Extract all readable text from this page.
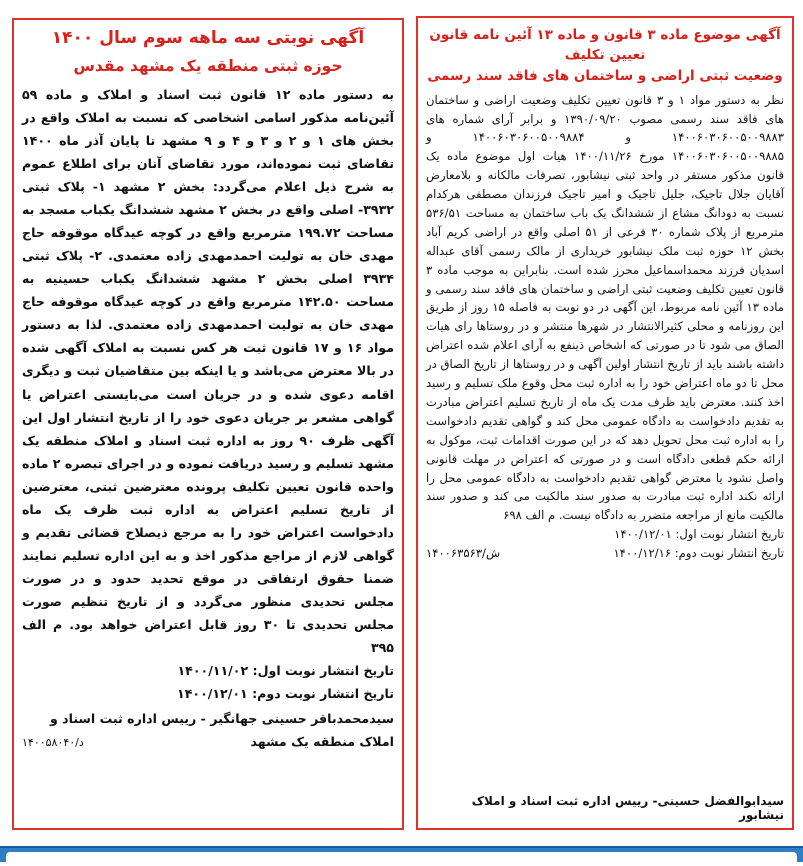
آگهی موضوع ماده ۳ قانون و ماده ۱۳ آئین نامه قانون تعیین تکلیف

وضعیت ثبتی اراضی و ساختمان های فاقد سند رسمی

نظر به دستور مواد ۱ و ۳ قانون تعیین تکلیف وضعیت اراضی و ساختمان های فاقد سند رسمی مصوب ۱۳۹۰/۰۹/۲۰ و برابر آرای شماره های ۱۴۰۰۶۰۳۰۶۰۰۵۰۰۹۸۸۳ و ۱۴۰۰۶۰۳۰۶۰۰۵۰۰۹۸۸۴ و ۱۴۰۰۶۰۳۰۶۰۰۵۰۰۹۸۸۵ مورخ ۱۴۰۰/۱۱/۲۶ هیات اول موضوع ماده یک قانون مذکور مستقر در واحد ثبتی نیشابور، تصرفات مالکانه و بلامعارض آقایان جلال تاجیک، جلیل تاجیک و امیر تاجیک فرزندان مصطفی هرکدام نسبت به دودانگ مشاع از ششدانگ یک باب ساختمان به مساحت ۵۳۶/۵۱ مترمربع از پلاک شماره ۳۰ فرعی از ۵۱ اصلی واقع در اراضی کریم آباد بخش ۱۲ حوزه ثبت ملک نیشابور خریداری از مالک رسمی آقای عبداله اسدیان فرزند محمداسماعیل محرز شده است. بنابراین به موجب ماده ۳ قانون تعیین تکلیف وضعیت ثبتی اراضی و ساختمان های فاقد سند رسمی و ماده ۱۳ آئین نامه مربوط، این آگهی در دو نوبت به فاصله ۱۵ روز از طریق این روزنامه و محلی کثیرالانتشار در شهرها منتشر و در روستاها رای هیات الصاق می شود تا در صورتی که اشخاص ذینفع به آرای اعلام شده اعتراض داشته باشند باید از تاریخ انتشار اولین آگهی و در روستاها از تاریخ الصاق در محل تا دو ماه اعتراض خود را به اداره ثبت محل وقوع ملک تسلیم و رسید اخذ کنند. معترض باید ظرف مدت یک ماه از تاریخ تسلیم اعتراض مبادرت به تقدیم دادخواست به دادگاه عمومی محل کند و گواهی تقدیم دادخواست را به اداره ثبت محل تحویل دهد که در این صورت اقدامات ثبت، موکول به ارائه حکم قطعی دادگاه است و در صورتی که اعتراض در مهلت قانونی واصل نشود یا معترض گواهی تقدیم دادخواست به دادگاه عمومی محل را ارائه نکند اداره ثبت مبادرت به صدور سند مالکیت می کند و صدور سند مالکیت مانع از مراجعه متضرر به دادگاه نیست. م الف ۶۹۸

تاریخ انتشار نوبت اول: ۱۴۰۰/۱۲/۰۱

تاریخ انتشار نوبت دوم: ۱۴۰۰/۱۲/۱۶
۱۴۰۰۶۳۵۶۳/ش

سیدابوالفضل حسینی- رییس اداره ثبت اسناد و املاک نیشابور

آگهی نوبتی سه ماهه سوم سال ۱۴۰۰

حوزه ثبتی منطقه یک مشهد مقدس

به دستور ماده ۱۲ قانون ثبت اسناد و املاک و ماده ۵۹ آئین‌نامه مذکور اسامی اشخاصی که نسبت به املاک واقع در بخش های ۱ و ۲ و ۳ و ۴ و ۹ مشهد تا پایان آذر ماه ۱۴۰۰ تقاضای ثبت نموده‌اند، مورد تقاضای آنان برای اطلاع عموم به شرح ذیل اعلام می‌گردد: بخش ۲ مشهد ۱- پلاک ثبتی ۳۹۳۲- اصلی واقع در بخش ۲ مشهد ششدانگ یکباب مسجد به مساحت ۱۹۹.۷۲ مترمربع واقع در کوچه عیدگاه موقوفه حاج مهدی خان به تولیت احمدمهدی زاده معتمدی. ۲- پلاک ثبتی ۳۹۳۴ اصلی بخش ۲ مشهد ششدانگ یکباب حسینیه به مساحت ۱۴۲.۵۰ مترمربع واقع در کوچه عیدگاه موقوفه حاج مهدی خان به تولیت احمدمهدی زاده معتمدی. لذا به دستور مواد ۱۶ و ۱۷ قانون ثبت هر کس نسبت به املاک آگهی شده در بالا معترض می‌باشد و یا اینکه بین متقاضیان ثبت و دیگری اقامه دعوی شده و در جریان است می‌بایستی اعتراض یا گواهی مشعر بر جریان دعوی خود را از تاریخ انتشار اول این آگهی ظرف ۹۰ روز به اداره ثبت اسناد و املاک منطقه یک مشهد تسلیم و رسید دریافت نموده و در اجرای تبصره ۲ ماده واحده قانون تعیین تکلیف پرونده معترضین ثبتی، معترضین از تاریخ تسلیم اعتراض به اداره ثبت ظرف یک ماه دادخواست اعتراض خود را به مرجع ذیصلاح قضائی تقدیم و گواهی لازم از مراجع مذکور اخذ و به این اداره تسلیم نمایند ضمنا حقوق ارتفاقی در موقع تحدید حدود و در صورت مجلس تحدیدی منظور می‌گردد و از تاریخ تنظیم صورت مجلس تحدیدی تا ۳۰ روز قابل اعتراض خواهد بود. م الف ۳۹۵

تاریخ انتشار نوبت اول: ۱۴۰۰/۱۱/۰۲

تاریخ انتشار نوبت دوم: ۱۴۰۰/۱۲/۰۱

سیدمحمدباقر حسینی جهانگیر - رییس اداره ثبت اسناد و

املاک منطقه یک مشهد
۱۴۰۰۵۸۰۴۰/د
